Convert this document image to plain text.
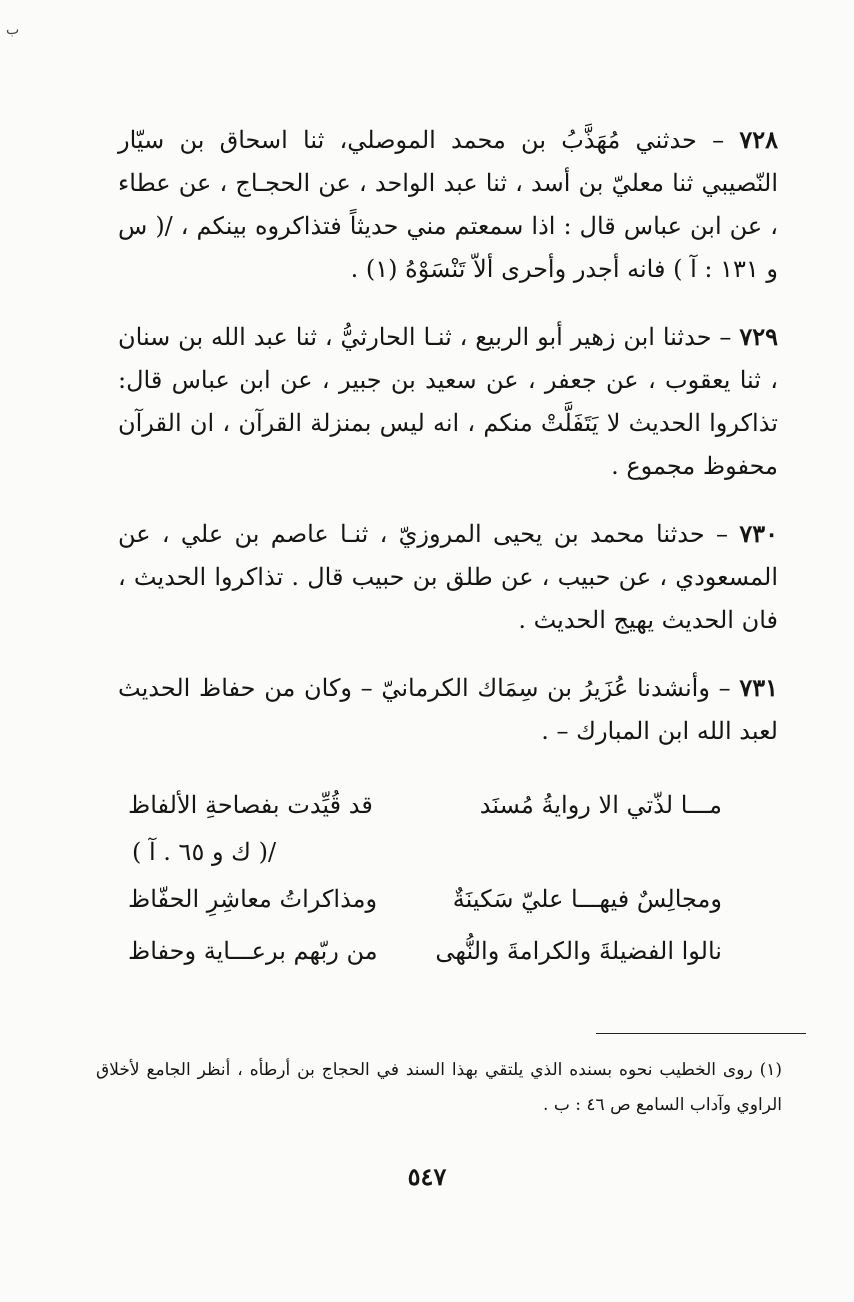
ب

٧٢٨ – حدثني مُهَذَّبُ بن محمد الموصلي، ثنا اسحاق بن سيّار النّصيبي ثنا معليّ بن أسد ، ثنا عبد الواحد ، عن الحجـاج ، عن عطاء ، عن ابن عباس قال : اذا سمعتم مني حديثاً فتذاكروه بينكم ، /( س و ١٣١ : آ ) فانه أجدر وأحرى ألاّ تَنْسَوْهُ (١) .

٧٢٩ – حدثنا ابن زهير أبو الربيع ، ثنـا الحارثيُّ ، ثنا عبد الله بن سنان ، ثنا يعقوب ، عن جعفر ، عن سعيد بن جبير ، عن ابن عباس قال: تذاكروا الحديث لا يَتَفَلَّتْ منكم ، انه ليس بمنزلة القرآن ، ان القرآن محفوظ مجموع .

٧٣٠ – حدثنا محمد بن يحيى المروزيّ ، ثنـا عاصم بن علي ، عن المسعودي ، عن حبيب ، عن طلق بن حبيب قال . تذاكروا الحديث ، فان الحديث يهيج الحديث .

٧٣١ – وأنشدنا عُزَيرُ بن سِمَاك الكرمانيّ – وكان من حفاظ الحديث لعبد الله ابن المبارك – .

مـــا لذّتي الا روايةُ مُسنَد
قد قُيِّدت بفصاحةِ الألفاظ
/( ك و ٦٥ . آ )
ومجالِسٌ فيهـــا عليّ سَكينَةٌ
ومذاكراتُ معاشِرِ الحفّاظ
نالوا الفضيلةَ والكرامةَ والنُّهى
من ربّهم برعـــاية وحفاظ
(١) روى الخطيب نحوه بسنده الذي يلتقي بهذا السند في الحجاج بن أرطأه ، أنظر الجامع لأخلاق الراوي وآداب السامع ص ٤٦ : ب .
٥٤٧
